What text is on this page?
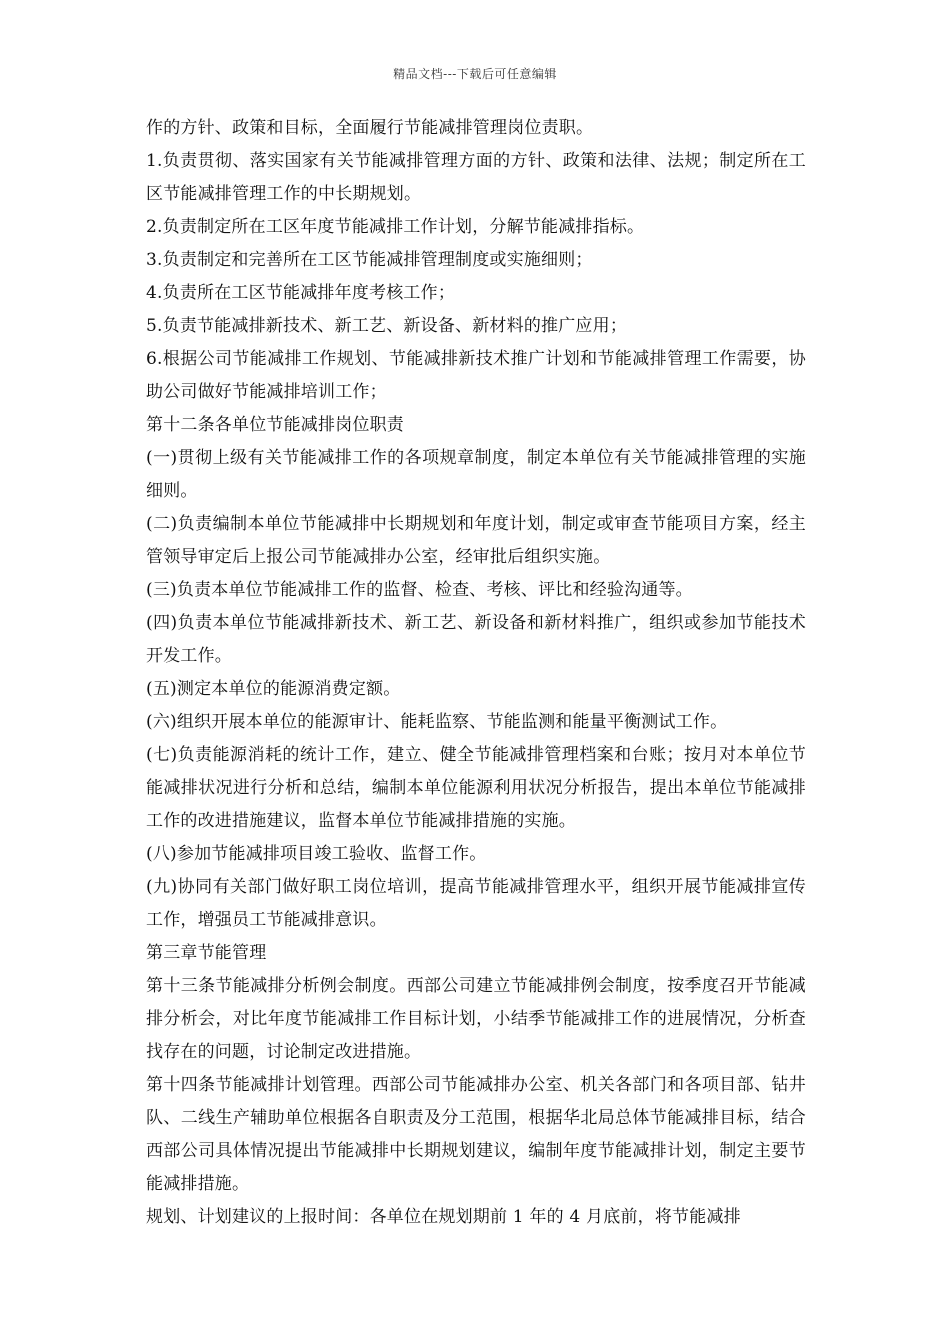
精品文档---下载后可任意编辑

作的方针、政策和目标，全面履行节能减排管理岗位责职。

1.负责贯彻、落实国家有关节能减排管理方面的方针、政策和法律、法规；制定所在工区节能减排管理工作的中长期规划。

2.负责制定所在工区年度节能减排工作计划，分解节能减排指标。

3.负责制定和完善所在工区节能减排管理制度或实施细则；

4.负责所在工区节能减排年度考核工作；

5.负责节能减排新技术、新工艺、新设备、新材料的推广应用；

6.根据公司节能减排工作规划、节能减排新技术推广计划和节能减排管理工作需要，协助公司做好节能减排培训工作；

第十二条各单位节能减排岗位职责

(一)贯彻上级有关节能减排工作的各项规章制度，制定本单位有关节能减排管理的实施细则。

(二)负责编制本单位节能减排中长期规划和年度计划，制定或审查节能项目方案，经主管领导审定后上报公司节能减排办公室，经审批后组织实施。

(三)负责本单位节能减排工作的监督、检查、考核、评比和经验沟通等。

(四)负责本单位节能减排新技术、新工艺、新设备和新材料推广，组织或参加节能技术开发工作。

(五)测定本单位的能源消费定额。

(六)组织开展本单位的能源审计、能耗监察、节能监测和能量平衡测试工作。

(七)负责能源消耗的统计工作，建立、健全节能减排管理档案和台账；按月对本单位节能减排状况进行分析和总结，编制本单位能源利用状况分析报告，提出本单位节能减排工作的改进措施建议，监督本单位节能减排措施的实施。

(八)参加节能减排项目竣工验收、监督工作。

(九)协同有关部门做好职工岗位培训，提高节能减排管理水平，组织开展节能减排宣传工作，增强员工节能减排意识。

第三章节能管理

第十三条节能减排分析例会制度。西部公司建立节能减排例会制度，按季度召开节能减排分析会，对比年度节能减排工作目标计划，小结季节能减排工作的进展情况，分析查找存在的问题，讨论制定改进措施。

第十四条节能减排计划管理。西部公司节能减排办公室、机关各部门和各项目部、钻井队、二线生产辅助单位根据各自职责及分工范围，根据华北局总体节能减排目标，结合西部公司具体情况提出节能减排中长期规划建议，编制年度节能减排计划，制定主要节能减排措施。

规划、计划建议的上报时间：各单位在规划期前 1 年的 4 月底前，将节能减排
